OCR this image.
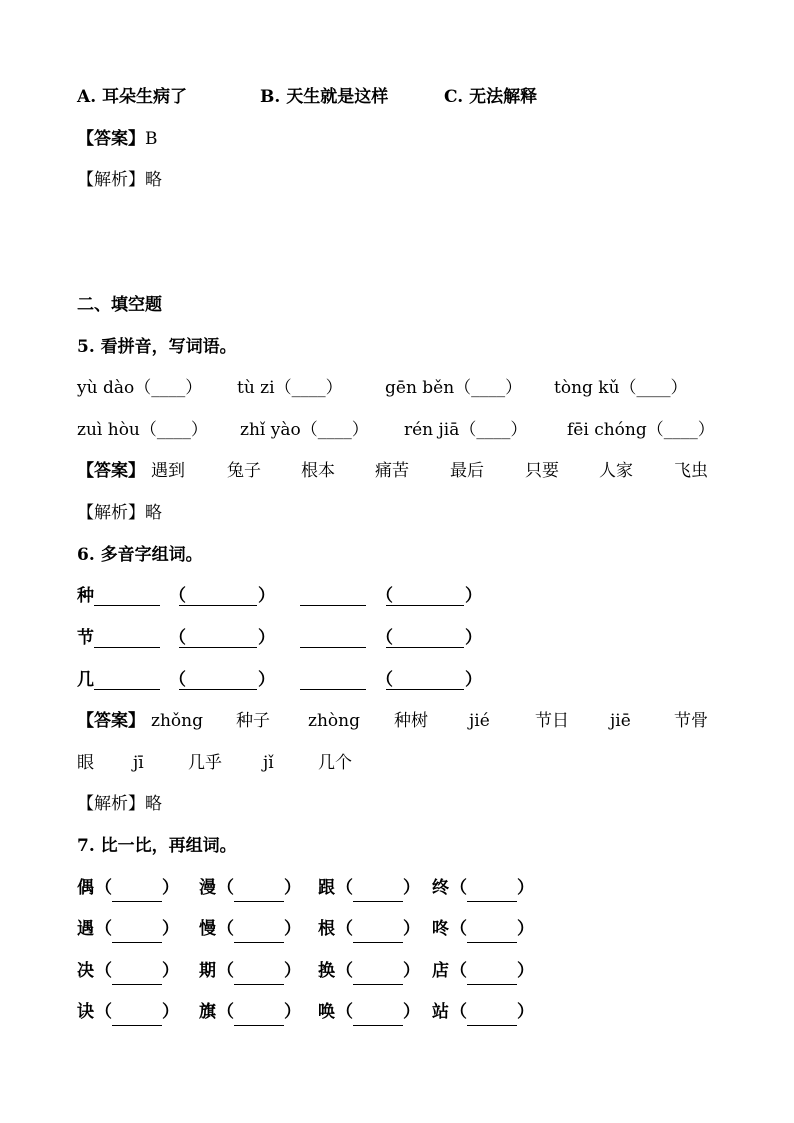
A. 耳朵生病了	B. 天生就是这样	C. 无法解释
【答案】B
【解析】略
二、填空题
5. 看拼音，写词语。
yù dào（____） tù zi（____） gēn běn（____） tòng kǔ（____）
zuì hòu（____） zhǐ yào（____） rén jiā（____） fēi chóng（____）
【答案】 遇到 兔子 根本 痛苦 最后 只要 人家 飞虫
【解析】略
6. 多音字组词。
种	（	）	（	）
节	（	）	（	）
几	（	）	（	）
【答案】 zhǒng 种子 zhòng 种树 jié	节日 jiē	节骨
眼 jī	几乎 jǐ	几个
【解析】略
7. 比一比，再组词。
偶 （	） 漫 （	） 跟 （	） 终 （	）
遇 （	） 慢 （	） 根 （	） 咚 （	）
决 （	） 期 （	） 换 （	） 店 （	）
诀 （	） 旗 （	） 唤 （	） 站 （	）
